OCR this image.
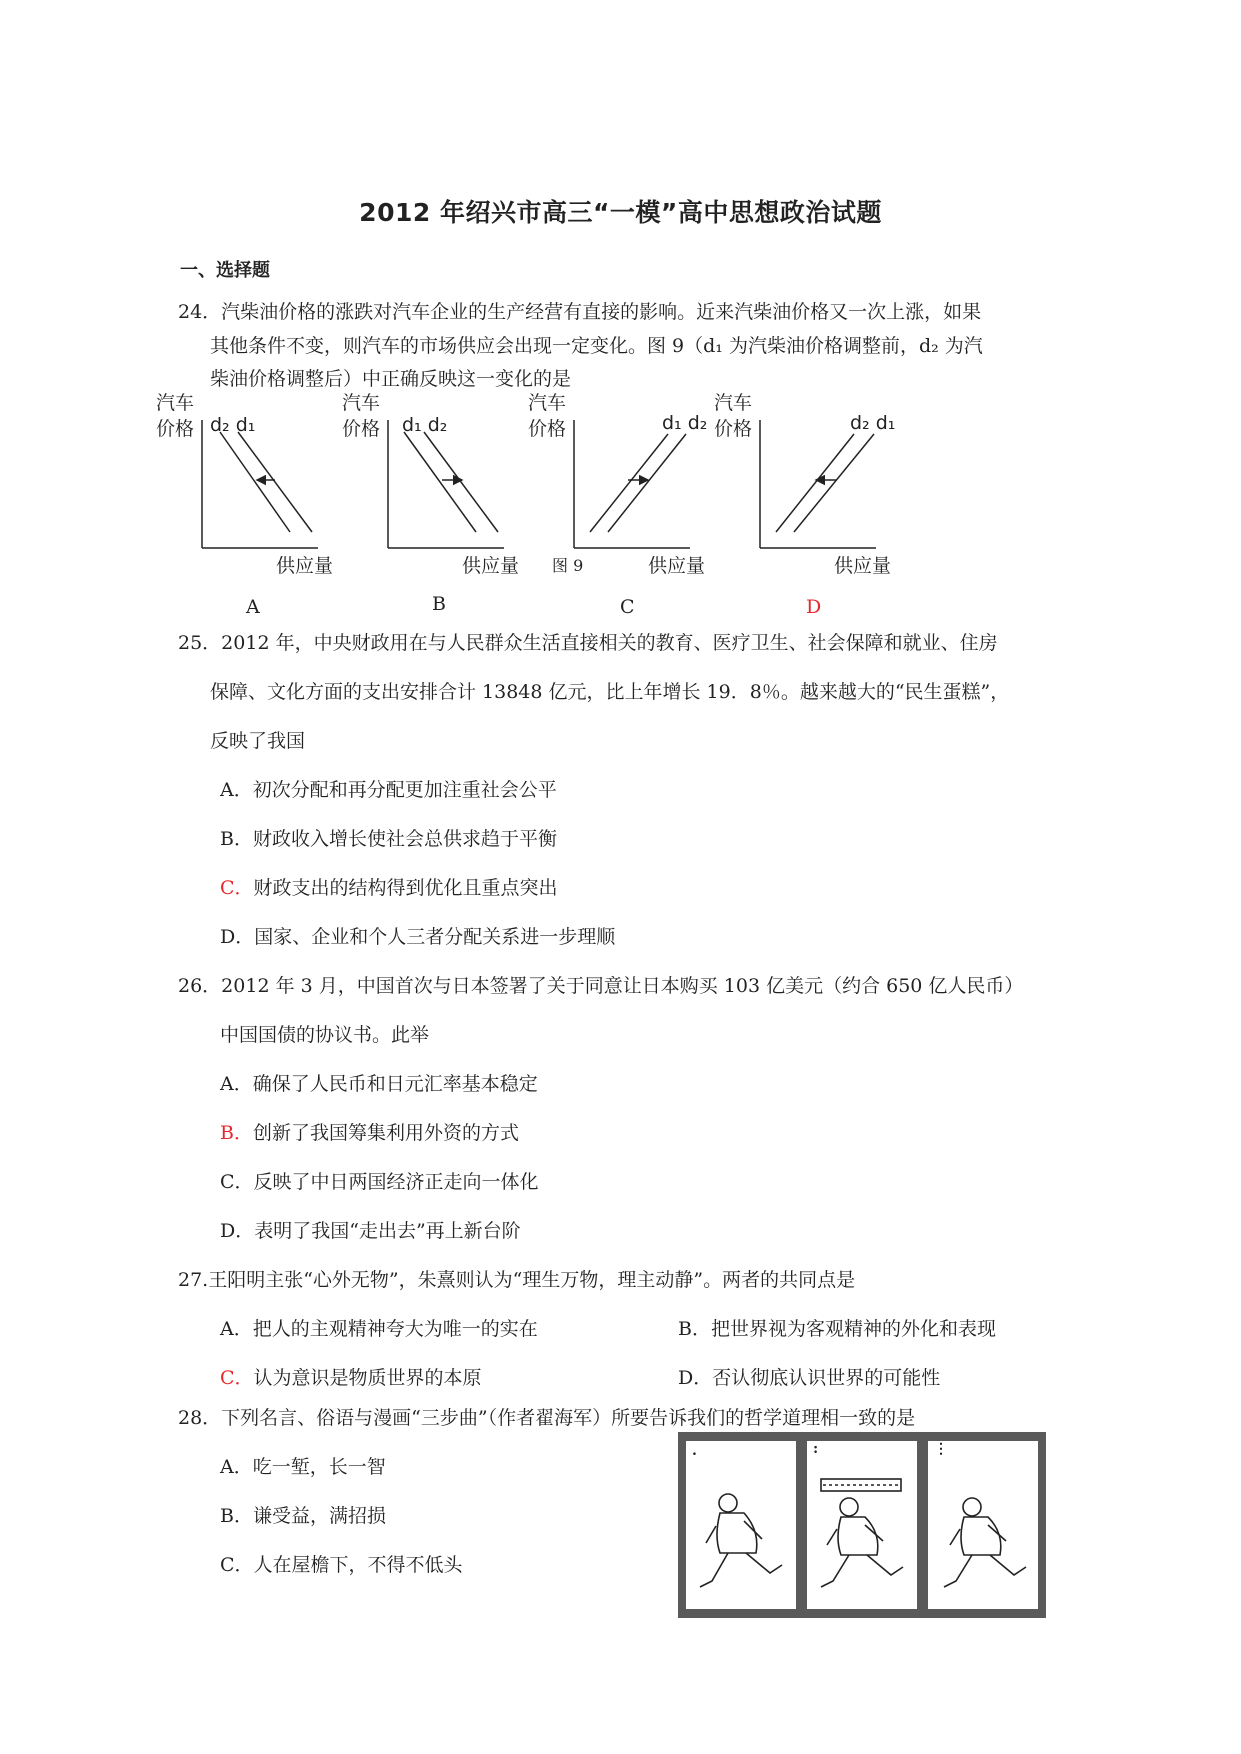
2012 年绍兴市高三“一模”高中思想政治试题
一、选择题
24．汽柴油价格的涨跌对汽车企业的生产经营有直接的影响。近来汽柴油价格又一次上涨，如果
其他条件不变，则汽车的市场供应会出现一定变化。图 9（d₁ 为汽柴油价格调整前，d₂ 为汽
柴油价格调整后）中正确反映这一变化的是
汽车
价格 d₂ d₁
供应量
A
汽车
价格 d₁ d₂
供应量
B
汽车
价格	d₁ d₂
图 9	供应量
C
汽车
价格	d₂ d₁
供应量
D
25．2012 年，中央财政用在与人民群众生活直接相关的教育、医疗卫生、社会保障和就业、住房
保障、文化方面的支出安排合计 13848 亿元，比上年增长 19．8％。越来越大的“民生蛋糕”，
反映了我国
A．初次分配和再分配更加注重社会公平
B．财政收入增长使社会总供求趋于平衡
C．财政支出的结构得到优化且重点突出
D．国家、企业和个人三者分配关系进一步理顺
26．2012 年 3 月，中国首次与日本签署了关于同意让日本购买 103 亿美元（约合 650 亿人民币）
中国国债的协议书。此举
A．确保了人民币和日元汇率基本稳定
B．创新了我国筹集利用外资的方式
C．反映了中日两国经济正走向一体化
D．表明了我国“走出去”再上新台阶
27.王阳明主张“心外无物”，朱熹则认为“理生万物，理主动静”。两者的共同点是
A．把人的主观精神夸大为唯一的实在	B．把世界视为客观精神的外化和表现
C．认为意识是物质世界的本原	D．否认彻底认识世界的可能性
28．下列名言、俗语与漫画“三步曲”（作者翟海军）所要告诉我们的哲学道理相一致的是
A．吃一堑，长一智
B．谦受益，满招损
C．人在屋檐下，不得不低头
.	:	⋮
